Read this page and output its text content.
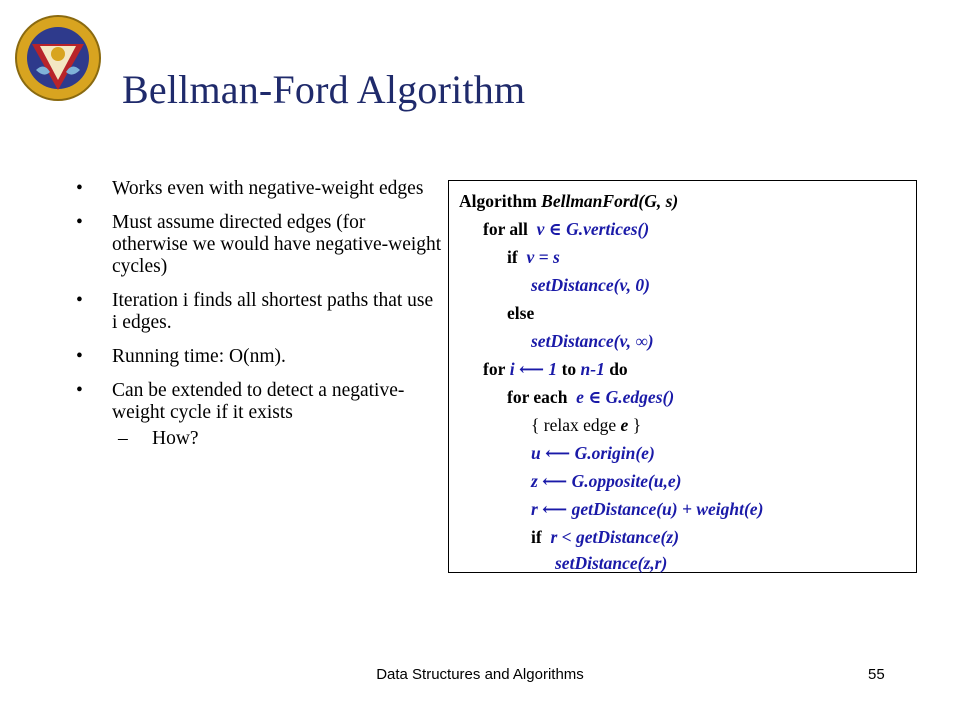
Bellman-Ford Algorithm
• Works even with negative-weight edges
• Must assume directed edges (for otherwise we would have negative-weight cycles)
• Iteration i finds all shortest paths that use i edges.
• Running time: O(nm).
• Can be extended to detect a negative-weight cycle if it exists
– How?
Algorithm BellmanFord(G, s)
for all v ∈ G.vertices()
if v = s
setDistance(v, 0)
else
setDistance(v, ∞)
for i ⟵ 1 to n-1 do
for each e ∈ G.edges()
{ relax edge e }
u ⟵ G.origin(e)
z ⟵ G.opposite(u,e)
r ⟵ getDistance(u) + weight(e)
if r < getDistance(z)
setDistance(z,r)
Data Structures and Algorithms	55
